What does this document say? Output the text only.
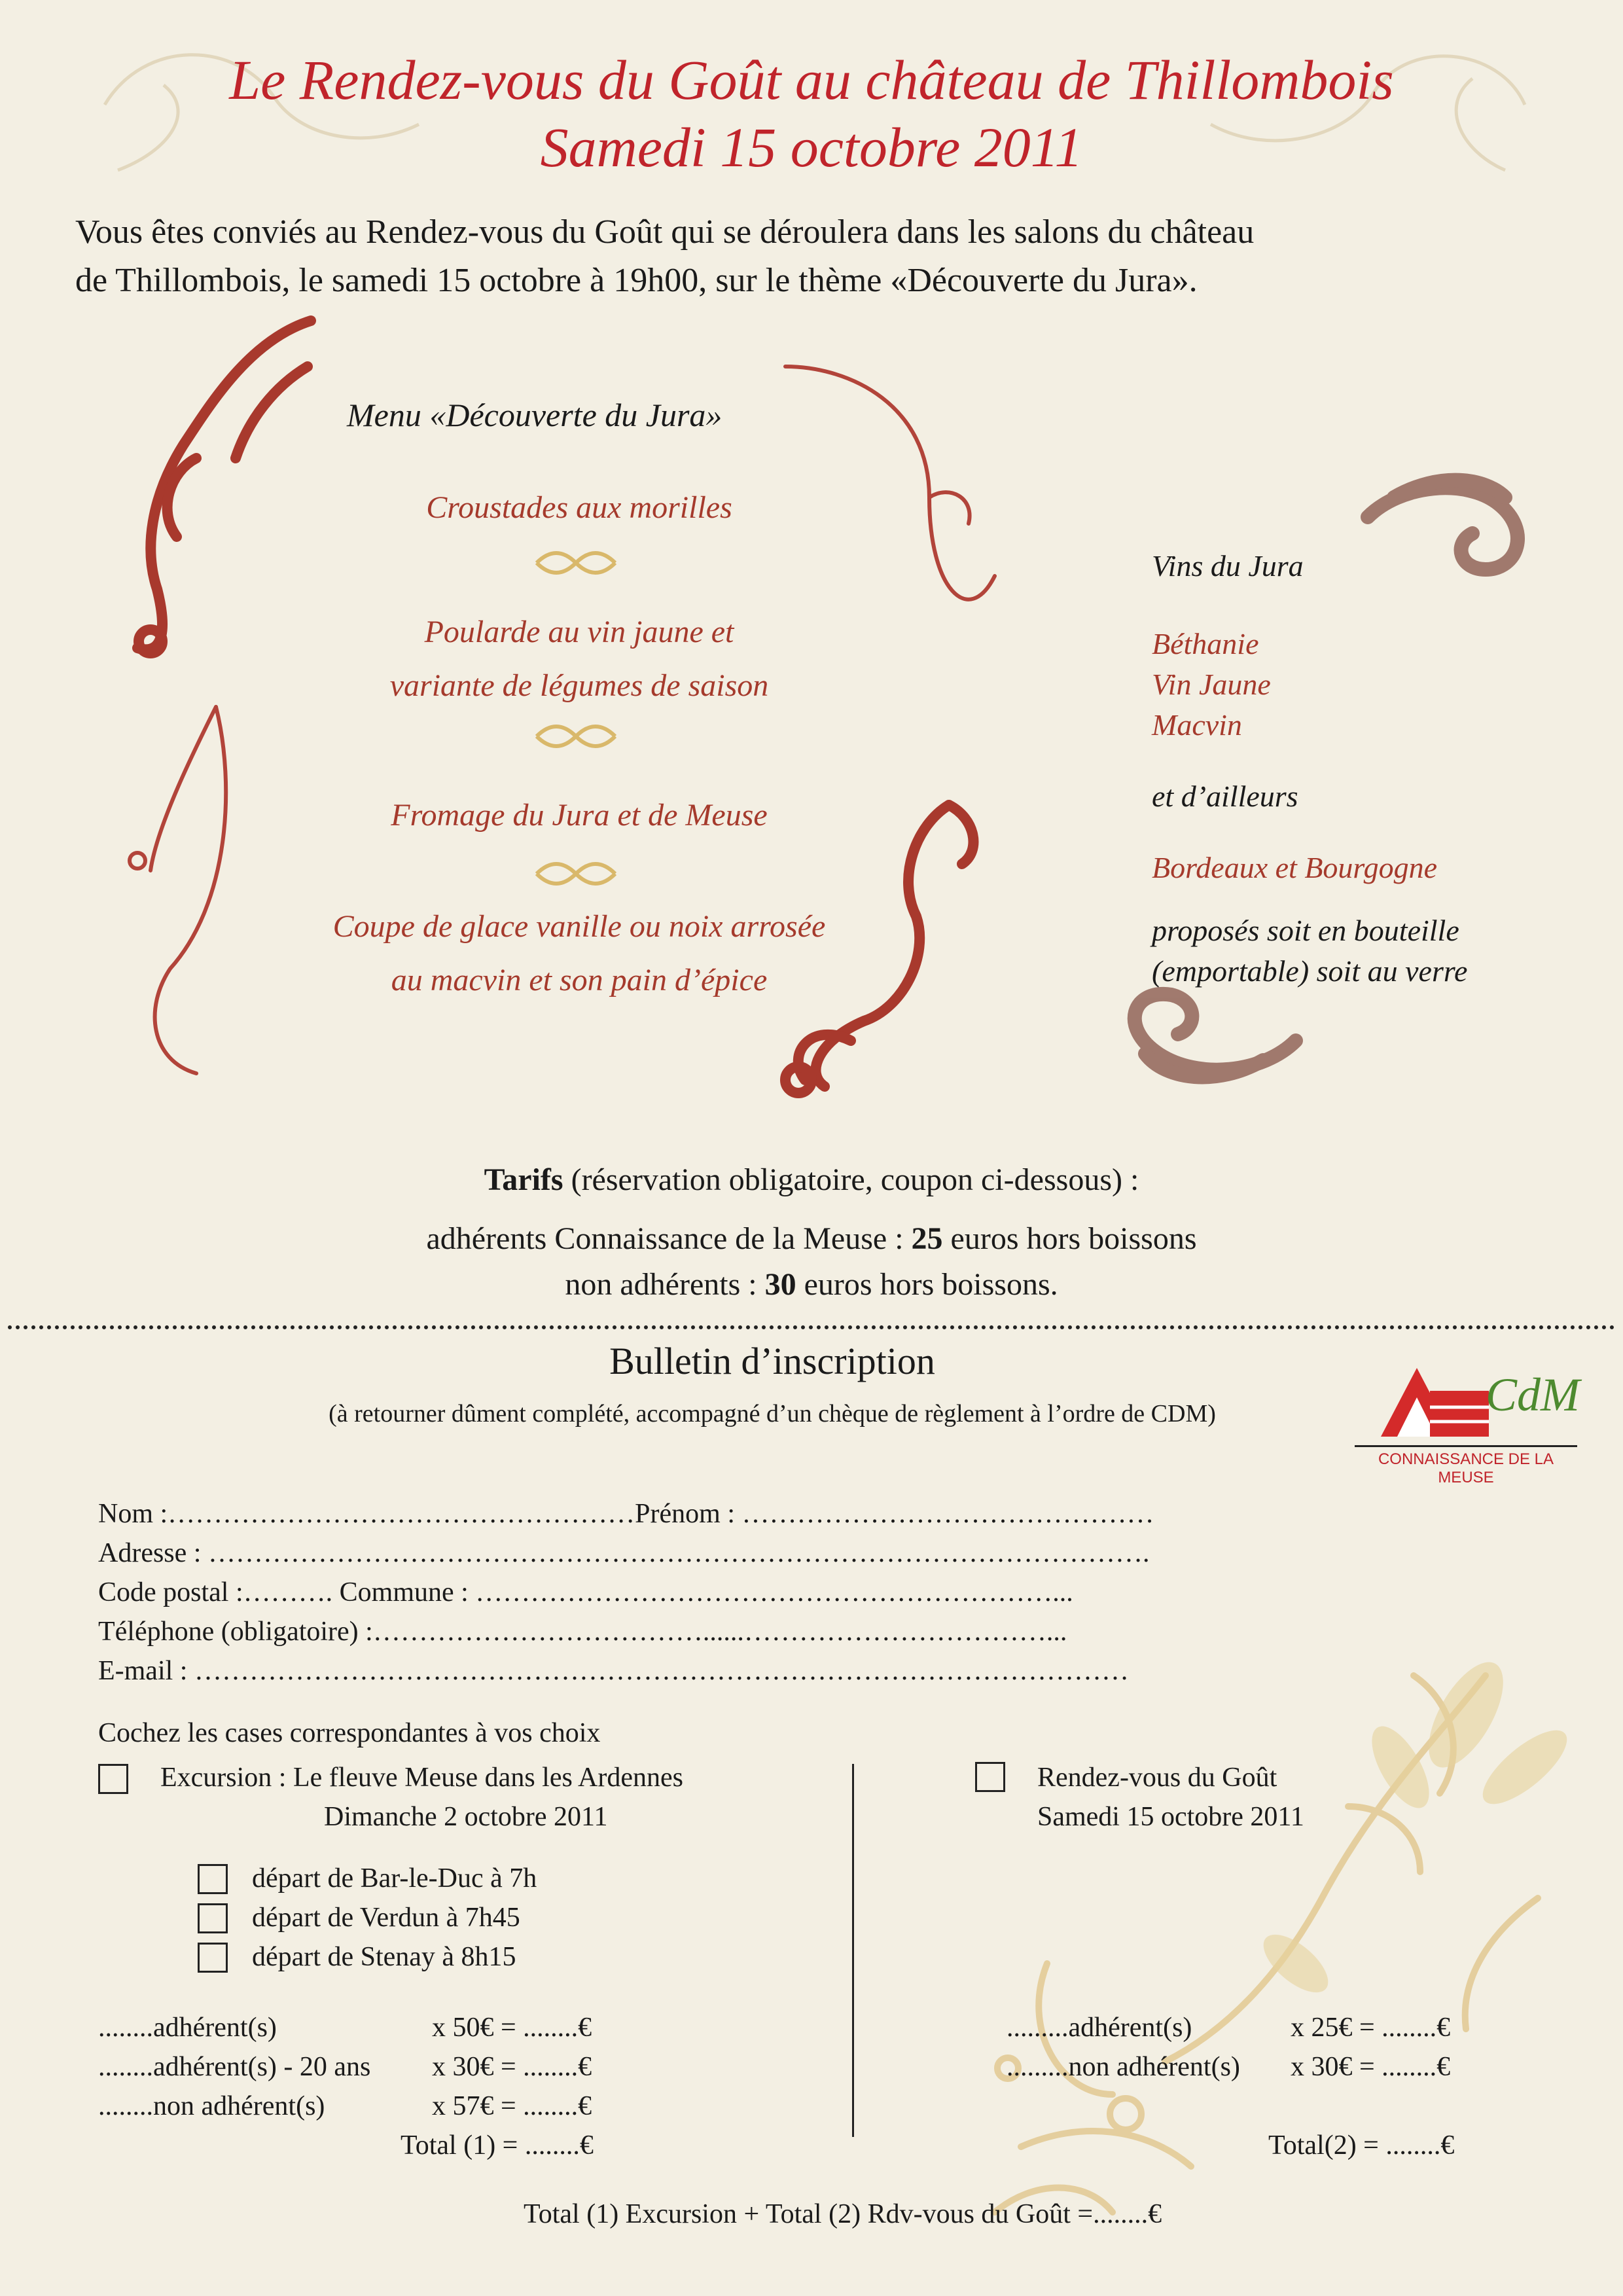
Le Rendez-vous du Goût au château de Thillombois
Samedi 15 octobre 2011
Vous êtes conviés au Rendez-vous du Goût qui se déroulera dans les salons du château
de Thillombois, le samedi 15 octobre à 19h00, sur le thème «Découverte du Jura».
Menu «Découverte du Jura»
Croustades aux morilles
Poularde au vin jaune et
variante de légumes de saison
Fromage du Jura et de Meuse
Coupe de glace vanille ou noix arrosée
au macvin et son pain d’épice
Vins du Jura
Béthanie
Vin Jaune
Macvin
et d’ailleurs
Bordeaux et Bourgogne
proposés soit en bouteille
(emportable) soit au verre
Tarifs (réservation obligatoire, coupon ci-dessous) :
adhérents Connaissance de la Meuse : 25 euros hors boissons
non adhérents : 30 euros hors boissons.
Bulletin d’inscription
(à retourner dûment complété, accompagné d’un chèque de règlement à l’ordre de CDM)	CdM
CONNAISSANCE DE LA MEUSE
Nom :……………………………………………Prénom : ………………………………………
Adresse : ………………………………………………………………………………………….
Code postal :………. Commune : ………………………………………………………...
Téléphone (obligatoire) :………………………………......……………………………...
E-mail : …………………………………………………………………………………………
Cochez les cases correspondantes à vos choix
Excursion : Le fleuve Meuse dans les Ardennes
Dimanche 2 octobre 2011
départ de Bar-le-Duc à 7h
départ de Verdun à 7h45
départ de Stenay à 8h15
........adhérent(s)	x 50€ = ........€
........adhérent(s) - 20 ans x 30€ = ........€
........non adhérent(s)	x 57€ = ........€
Total (1) = ........€
Rendez-vous du Goût
Samedi 15 octobre 2011
.........adhérent(s)	x 25€ = ........€
.........non adhérent(s) x 30€ = ........€
Total(2) = ........€
Total (1) Excursion + Total (2) Rdv-vous du Goût =........€
